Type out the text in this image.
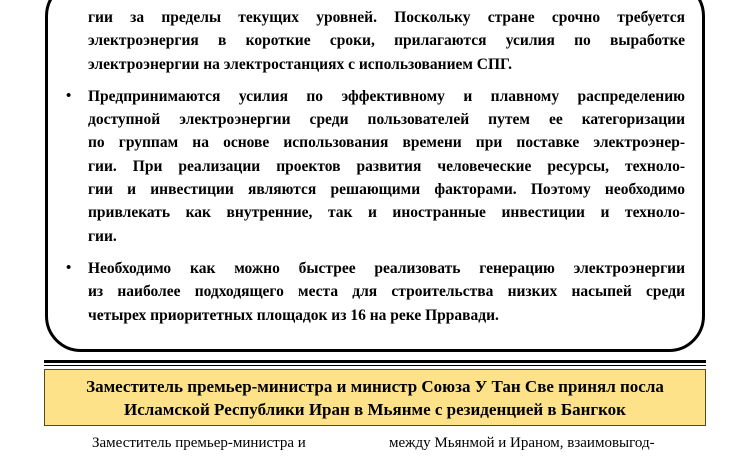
гии за пределы текущих уровней. Поскольку стране срочно требуется
электроэнергия в короткие сроки, прилагаются усилия по выработке
электроэнергии на электростанциях с использованием СПГ.
• Предпринимаются усилия по эффективному и плавному распределению
доступной электроэнергии среди пользователей путем ее категоризации
по группам на основе использования времени при поставке электроэнер-
гии. При реализации проектов развития человеческие ресурсы, техноло-
гии и инвестиции являются решающими факторами. Поэтому необходимо
привлекать как внутренние, так и иностранные инвестиции и техноло-
гии.
• Необходимо как можно быстрее реализовать генерацию электроэнергии
из наиболее подходящего места для строительства низких насыпей среди
четырех приоритетных площадок из 16 на реке Прравади.
Заместитель премьер-министра и министр Союза У Тан Све принял посла
Исламской Республики Иран в Мьянме с резиденцией в Бангкок
Заместитель премьер-министра и	между Мьянмой и Ираном, взаимовыгод-
